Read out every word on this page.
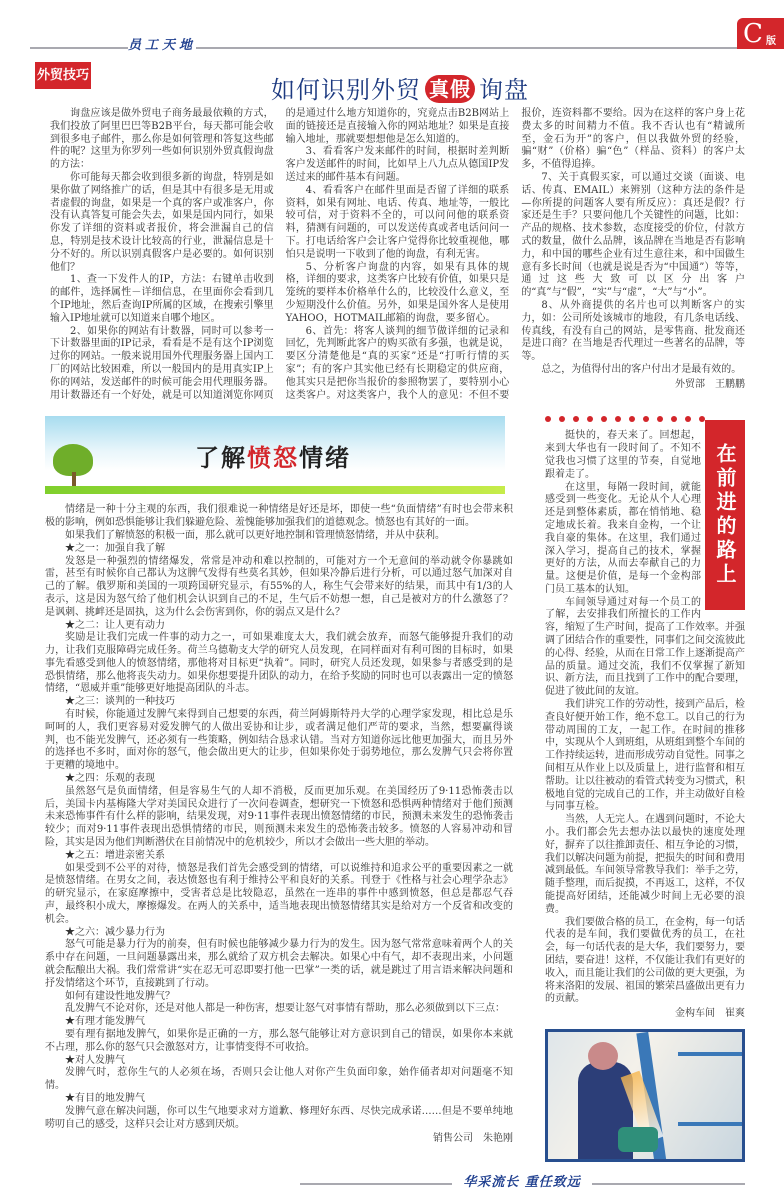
员工天地	C 版
外贸技巧
如何识别外贸 真假 询盘

询盘应该是做外贸电子商务最最依赖的方式，我们投放了阿里巴巴等B2B平台，每天都可能会收到很多电子邮件，那么你是如何管理和答复这些邮件的呢？这里为你罗列一些如何识别外贸真假询盘的方法：

你可能每天都会收到很多新的询盘，特别是如果你做了网络推广的话，但是其中有很多是无用或者虚假的询盘，如果是一个真的客户或准客户，你没有认真答复可能会失去，如果是国内同行，如果你发了详细的资料或者报价，将会泄漏自己的信息，特别是技术设计比较高的行业，泄漏信息是十分不好的。所以识别真假客户是必要的。如何识别他们？

1、查一下发件人的IP，方法：右键单击收到的邮件，选择属性－详细信息，在里面你会看到几个IP地址，然后查询IP所属的区域，在搜索引擎里输入IP地址就可以知道来自哪个地区。

2、如果你的网站有计数器，同时可以参考一下计数器里面的IP记录，看看是不是有这个IP浏览过你的网站。一般来说用国外代理服务器上国内工厂的网站比较困难，所以一般国内的是用真实IP上你的网站，发送邮件的时候可能会用代理服务器。用计数器还有一个好处，就是可以知道浏览你网页的是通过什么地方知道你的，究竟点击B2B网站上面的链接还是直接输入你的网站地址？如果是直接输入地址，那就要想想他是怎么知道的。

3、看看客户发来邮件的时间，根据时差判断客户发送邮件的时间，比如早上八九点从德国IP发送过来的邮件基本有问题。

4、看看客户在邮件里面是否留了详细的联系资料，如果有网址、电话、传真、地址等，一般比较可信，对于资料不全的，可以问问他的联系资料，猜测有问题的，可以发送传真或者电话问问一下。打电话给客户会让客户觉得你比较重视他，哪怕只是说明一下收到了他的询盘，有利无害。

5、分析客户询盘的内容，如果有具体的规格，详细的要求，这类客户比较有价值，如果只是笼统的要样本价格单什么的，比较没什么意义，至少短期没什么价值。另外，如果是国外客人是使用YAHOO，HOTMAIL邮箱的询盘，要多留心。

6、首先：将客人谈判的细节做详细的记录和回忆，先判断此客户的购买欲有多强，也就是说，要区分清楚他是“真的买家”还是“打听行情的买家”；有的客户其实他已经有长期稳定的供应商，他其实只是把你当报价的参照物罢了，要特别小心这类客户。对这类客户，我个人的意见：不但不要报价，连资料都不要给。因为在这样的客户身上花费太多的时间精力不值。我不否认也有“精诚所至，金石为开”的客户，但以我做外贸的经验，骗“财”（价格）骗“色”（样品、资料）的客户太多，不值得追捧。

7、关于真假买家，可以通过交谈（面谈、电话、传真、EMAIL）来辨别（这种方法的条件是—你所提的问题客人要有所反应）：真还是假？行家还是生手？只要问他几个关键性的问题，比如：产品的规格、技术参数，态度接受的价位，付款方式的数量，做什么品牌，该品牌在当地是否有影响力，和中国的哪些企业有过生意往来，和中国做生意有多长时间（也就是说是否为“中国通”）等等，通过这些大致可以区分出客户的“真”与“假”，“实”与“虚”，“大”与“小”。

8、从外商提供的名片也可以判断客户的实力，如：公司所处该城市的地段，有几条电话线、传真线，有没有自己的网站，是零售商、批发商还是进口商？在当地是否代理过一些著名的品牌，等等。

总之，为值得付出的客户付出才是最有效的。

外贸部 王鹏鹏

了解愤怒情绪

情绪是一种十分主观的东西，我们很难说一种情绪是好还是坏，即使一些“负面情绪”有时也会带来积极的影响，例如恐惧能够让我们躲避危险、羞愧能够加强我们的道德观念。愤怒也有其好的一面。

如果我们了解愤怒的积极一面，那么就可以更好地控制和管理愤怒情绪，并从中获利。

★之一：加强自我了解

发怒是一种强烈的情绪爆发，常常是冲动和难以控制的，可能对方一个无意间的举动就令你暴跳如雷，甚至有时候你自己都认为这脾气发得有些莫名其妙，但如果冷静后进行分析，可以通过怒气加深对自己的了解。俄罗斯和美国的一项跨国研究显示，有55%的人，称生气会带来好的结果，而其中有1/3的人表示，这是因为怒气给了他们机会认识到自己的不足，生气后不妨想一想，自己是被对方的什么激怒了？是讽刺、挑衅还是固执，这为什么会伤害到你，你的弱点又是什么？

★之二：让人更有动力

奖励是让我们完成一件事的动力之一，可如果难度太大，我们就会放弃，而怒气能够提升我们的动力，让我们克服障碍完成任务。荷兰乌德勒支大学的研究人员发现，在同样面对有利可图的目标时，如果事先看感受到他人的愤怒情绪，那他将对目标更“执着”。同时，研究人员还发现，如果参与者感受到的是恐惧情绪，那么他将丧失动力。如果你想要提升团队的动力，在给予奖励的同时也可以表露出一定的愤怒情绪，“恩威并重”能够更好地提高团队的斗志。

★之三：谈判的一种技巧

有时候，你能通过发脾气来得到自己想要的东西，荷兰阿姆斯特丹大学的心理学家发现，相比总是乐呵呵的人，我们更容易对爱发脾气的人做出妥协和让步，或者满足他们严苛的要求，当然，想要赢得谈判，也不能光发脾气，还必须有一些策略，例如结合恳求认错。当对方知道你远比他更加强大，而且另外的选择也不多时，面对你的怒气，他会做出更大的让步，但如果你处于弱势地位，那么发脾气只会将你置于更糟的境地中。

★之四：乐观的表现

虽然怒气是负面情绪，但是容易生气的人却不消极，反而更加乐观。在美国经历了9·11恐怖袭击以后，美国卡内基梅隆大学对美国民众进行了一次问卷调查，想研究一下愤怒和恐惧两种情绪对于他们预测未来恐怖事件有什么样的影响，结果发现，对9·11事件表现出愤怒情绪的市民，预测未来发生的恐怖袭击较少；而对9·11事件表现出恐惧情绪的市民，则预测未来发生的恐怖袭击较多。愤怒的人容易冲动和冒险，其实是因为他们判断潜伏在目前情况中的危机较少，所以才会做出一些大胆的举动。

★之五：增进亲密关系

如果受到不公平的对待，愤怒是我们首先会感受到的情绪，可以说维持和追求公平的重要因素之一就是愤怒情绪。在男女之间，表达愤怒也有利于维持公平和良好的关系。刊登于《性格与社会心理学杂志》的研究显示，在家庭摩擦中，受害者总是比较隐忍，虽然在一连串的事件中感到愤怒，但总是都忍气吞声，最终积小成大，摩擦爆发。在两人的关系中，适当地表现出愤怒情绪其实是给对方一个反省和改变的机会。

★之六：减少暴力行为

怒气可能是暴力行为的前奏，但有时候也能够减少暴力行为的发生。因为怒气常常意味着两个人的关系中存在问题，一旦问题暴露出来，那么就给了双方机会去解决。如果心中有气，却不表现出来，小问题就会酝酿出大祸。我们常常讲“实在忍无可忍即要打他一巴掌”一类的话，就是跳过了用言语来解决问题和抒发情绪这个环节，直接跳到了行动。

如何有建设性地发脾气？

乱发脾气不论对你，还是对他人都是一种伤害，想要让怒气对事情有帮助，那么必须做到以下三点：

★有理才能发脾气

要有理有据地发脾气，如果你是正确的一方，那么怒气能够让对方意识到自己的错误，如果你本来就不占理，那么你的怒气只会激怒对方，让事情变得不可收拾。

★对人发脾气

发脾气时，惹你生气的人必须在场，否则只会让他人对你产生负面印象，始作俑者却对问题毫不知情。

★有目的地发脾气

发脾气意在解决问题，你可以生气地要求对方道歉、修理好东西、尽快完成承诺……但是不要单纯地唠叨自己的感受，这样只会让对方感到厌烦。

销售公司 朱艳刚

在前进的路上

挺快的，春天来了。回想起，来到大华也有一段时间了。不知不觉我也习惯了这里的节奏，自觉地跟着走了。

在这里，每隔一段时间，就能感受到一些变化。无论从个人心理还是到整体素质，都在悄悄地、稳定地成长着。我来自金构，一个让我自豪的集体。在这里，我们通过深入学习，提高自己的技术，掌握更好的方法，从而去奉献自己的力量。这便是价值，是每一个金构部门员工基本的认知。

车间领导通过对每一个员工的了解，去安排我们所擅长的工作内容，缩短了生产时间，提高了工作效率。并强调了团结合作的重要性，同事们之间交流彼此的心得、经验，从而在日常工作上逐渐提高产品的质量。通过交流，我们不仅掌握了新知识、新方法，而且找到了工作中的配合要理，促进了彼此间的友谊。

我们讲究工作的劳动性，接到产品后，检查良好便开始工作，绝不怠工。以自己的行为带动周围的工友，一起工作。在时间的推移中，实现从个人到班组，从班组到整个车间的工作持续运转，进而形成劳动自觉性。同事之间相互从作业上以及质量上，进行监督和相互帮助。让以往被动的看管式转变为习惯式，积极地自觉的完成自己的工作，并主动做好自检与同事互检。

当然，人无完人。在遇到问题时，不论大小。我们都会先去想办法以最快的速度处理好，摒弃了以往推卸责任、相互争论的习惯，我们以解决问题为前提，把损失的时间和费用减到最低。车间领导常教导我们：举手之劳，随手整理，而后捉摸，不再返工，这样，不仅能提高好团结，还能减少时间上无必要的浪费。

我们要做合格的员工，在金构，每一句话代表的是车间，我们要做优秀的员工，在社会，每一句话代表的是大华，我们要努力，要团结，要奋进！这样，不仅能让我们有更好的收入，而且能让我们的公司做的更大更强，为将来洛阳的发展、祖国的繁荣昌盛做出更有力的贡献。

金构车间 崔爽

华采流长 重任致远
